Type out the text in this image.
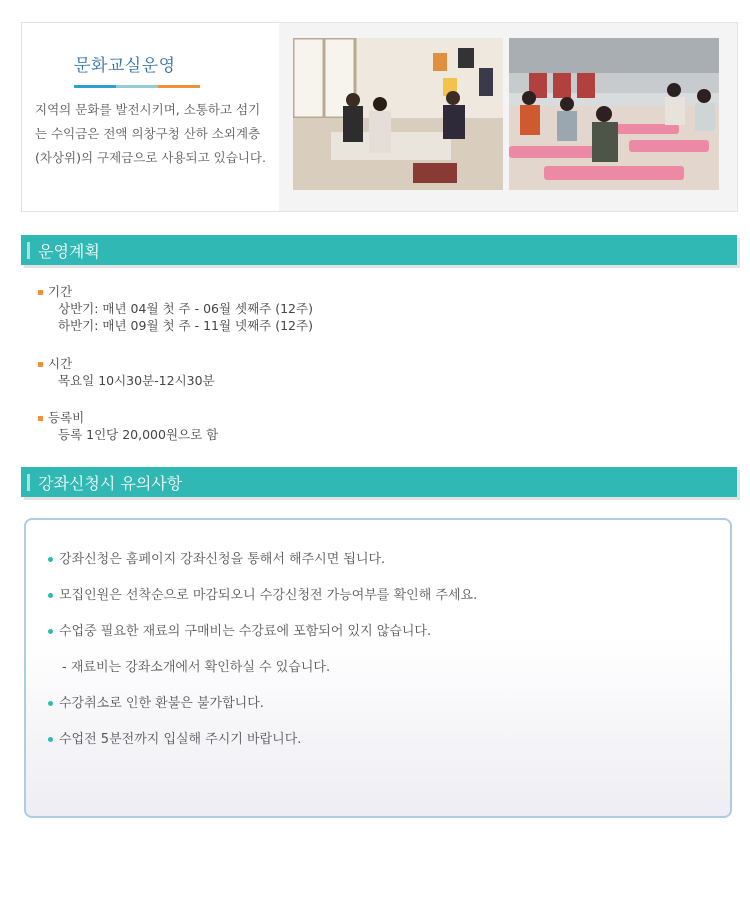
문화교실운영

지역의 문화를 발전시키며, 소통하고 섬기는 수익금은 전액 의창구청 산하 소외계층(차상위)의 구제금으로 사용되고 있습니다.

운영계획
기간
상반기: 매년 04월 첫 주 - 06월 셋째주 (12주)
하반기: 매년 09월 첫 주 - 11월 넷째주 (12주)
시간
목요일 10시30분-12시30분
등록비
등록 1인당 20,000원으로 함
강좌신청시 유의사항
강좌신청은 홈페이지 강좌신청을 통해서 해주시면 됩니다.
모집인원은 선착순으로 마감되오니 수강신청전 가능여부를 확인해 주세요.
수업중 필요한 재료의 구매비는 수강료에 포함되어 있지 않습니다.
- 재료비는 강좌소개에서 확인하실 수 있습니다.
수강취소로 인한 환불은 불가합니다.
수업전 5분전까지 입실해 주시기 바랍니다.
